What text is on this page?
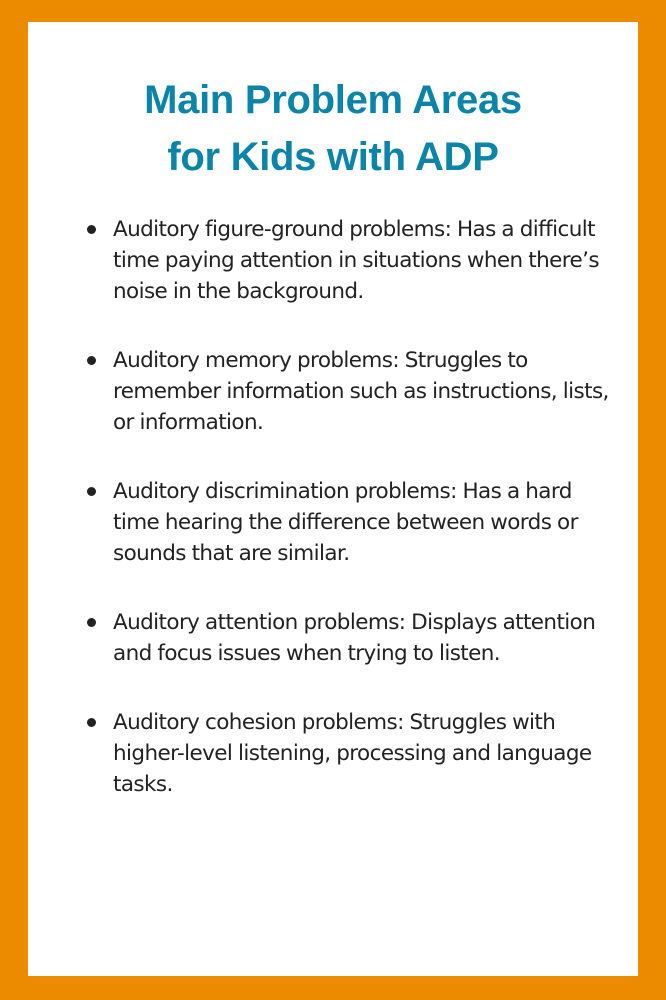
Main Problem Areas
for Kids with ADP
Auditory figure-ground problems: Has a difficult time paying attention in situations when there’s noise in the background.
Auditory memory problems: Struggles to remember information such as instructions, lists, or information.
Auditory discrimination problems: Has a hard time hearing the difference between words or sounds that are similar.
Auditory attention problems: Displays attention and focus issues when trying to listen.
Auditory cohesion problems: Struggles with higher-level listening, processing and language tasks.
